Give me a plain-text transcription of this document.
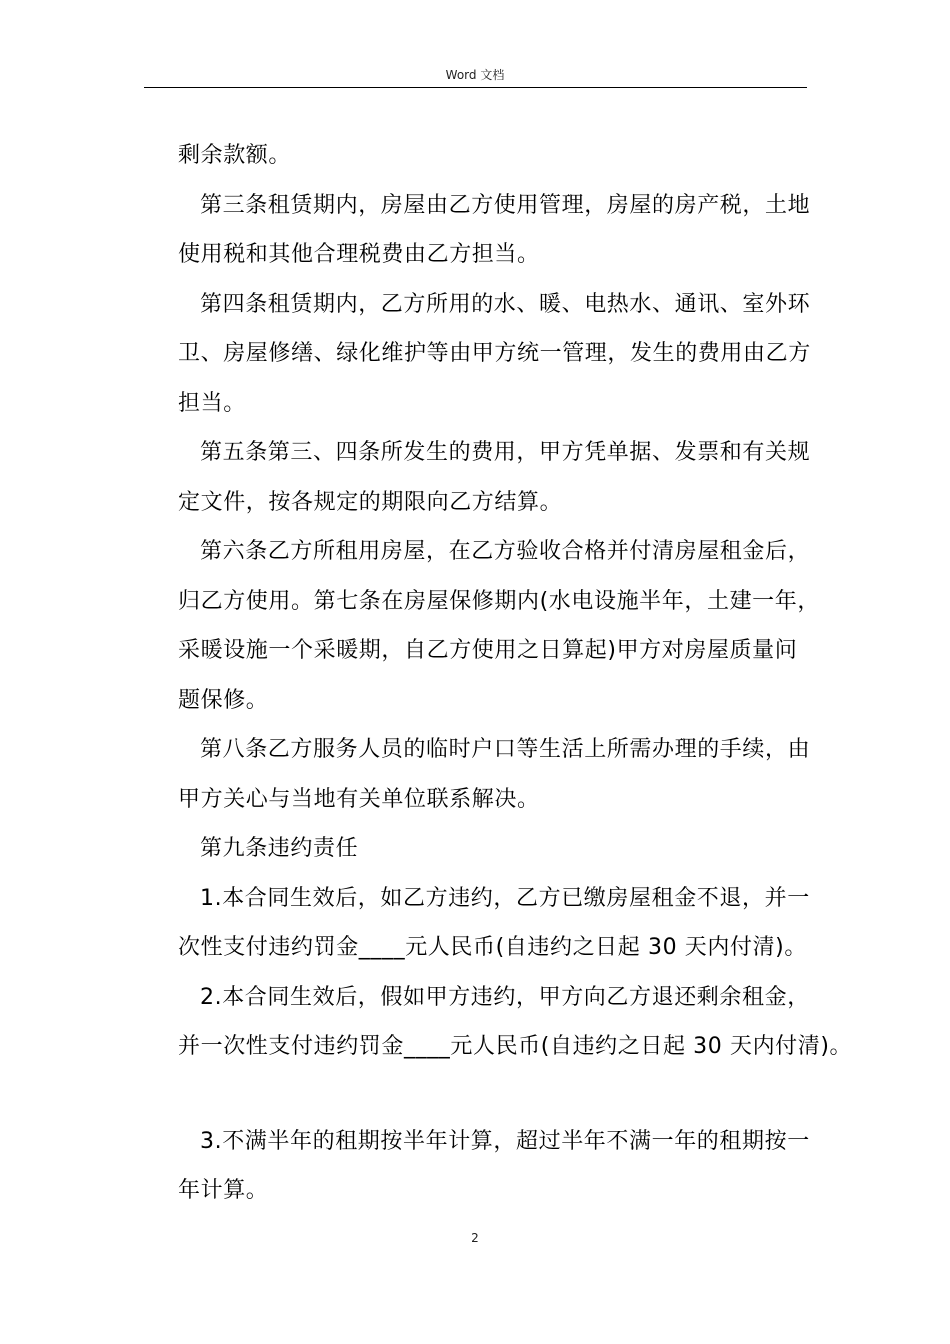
Word 文档

剩余款额。

第三条租赁期内，房屋由乙方使用管理，房屋的房产税，土地

使用税和其他合理税费由乙方担当。

第四条租赁期内，乙方所用的水、暖、电热水、通讯、室外环

卫、房屋修缮、绿化维护等由甲方统一管理，发生的费用由乙方

担当。

第五条第三、四条所发生的费用，甲方凭单据、发票和有关规

定文件，按各规定的期限向乙方结算。

第六条乙方所租用房屋，在乙方验收合格并付清房屋租金后，

归乙方使用。第七条在房屋保修期内(水电设施半年，土建一年，

采暖设施一个采暖期，自乙方使用之日算起)甲方对房屋质量问

题保修。

第八条乙方服务人员的临时户口等生活上所需办理的手续，由

甲方关心与当地有关单位联系解决。

第九条违约责任

1.本合同生效后，如乙方违约，乙方已缴房屋租金不退，并一

次性支付违约罚金____元人民币(自违约之日起 30 天内付清)。

2.本合同生效后，假如甲方违约，甲方向乙方退还剩余租金，

并一次性支付违约罚金____元人民币(自违约之日起 30 天内付清)。

3.不满半年的租期按半年计算，超过半年不满一年的租期按一

年计算。

2
